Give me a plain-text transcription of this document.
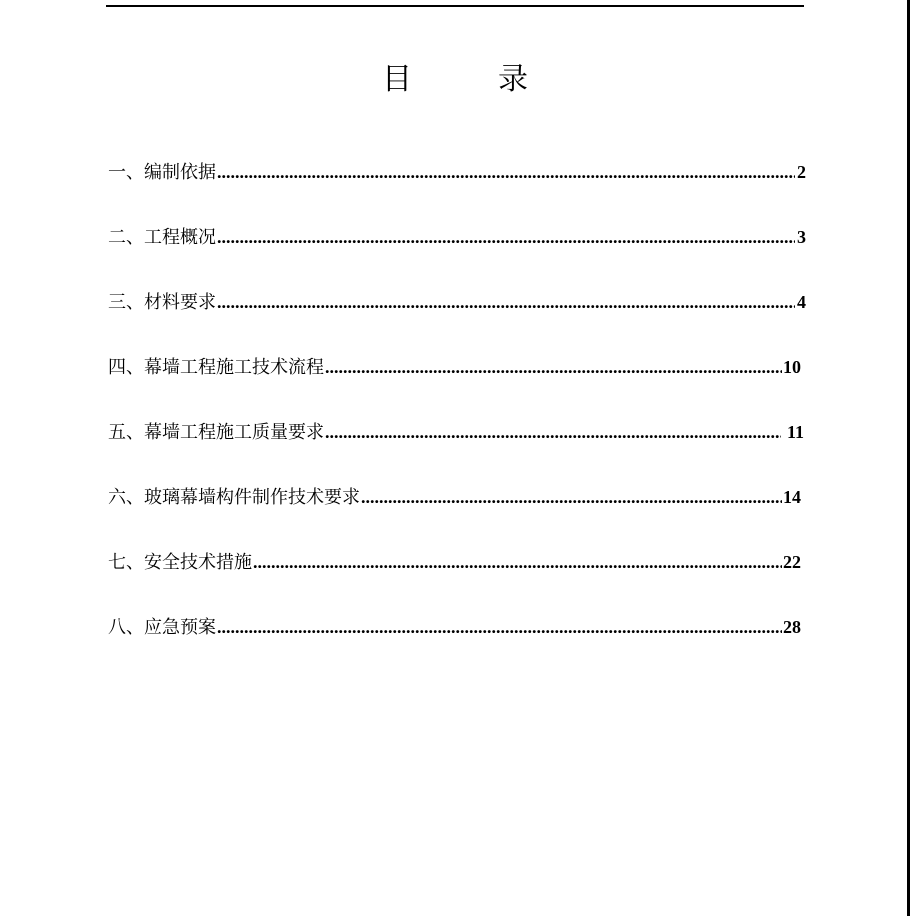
目	录
一、编制依据 .....	2
二、工程概况 .....	3
三、材料要求 .....	4
四、幕墙工程施工技术流程 .....	10
五、幕墙工程施工质量要求 .....	11
六、玻璃幕墙构件制作技术要求 .....	14
七、安全技术措施 .....	22
八、应急预案 .....	28
